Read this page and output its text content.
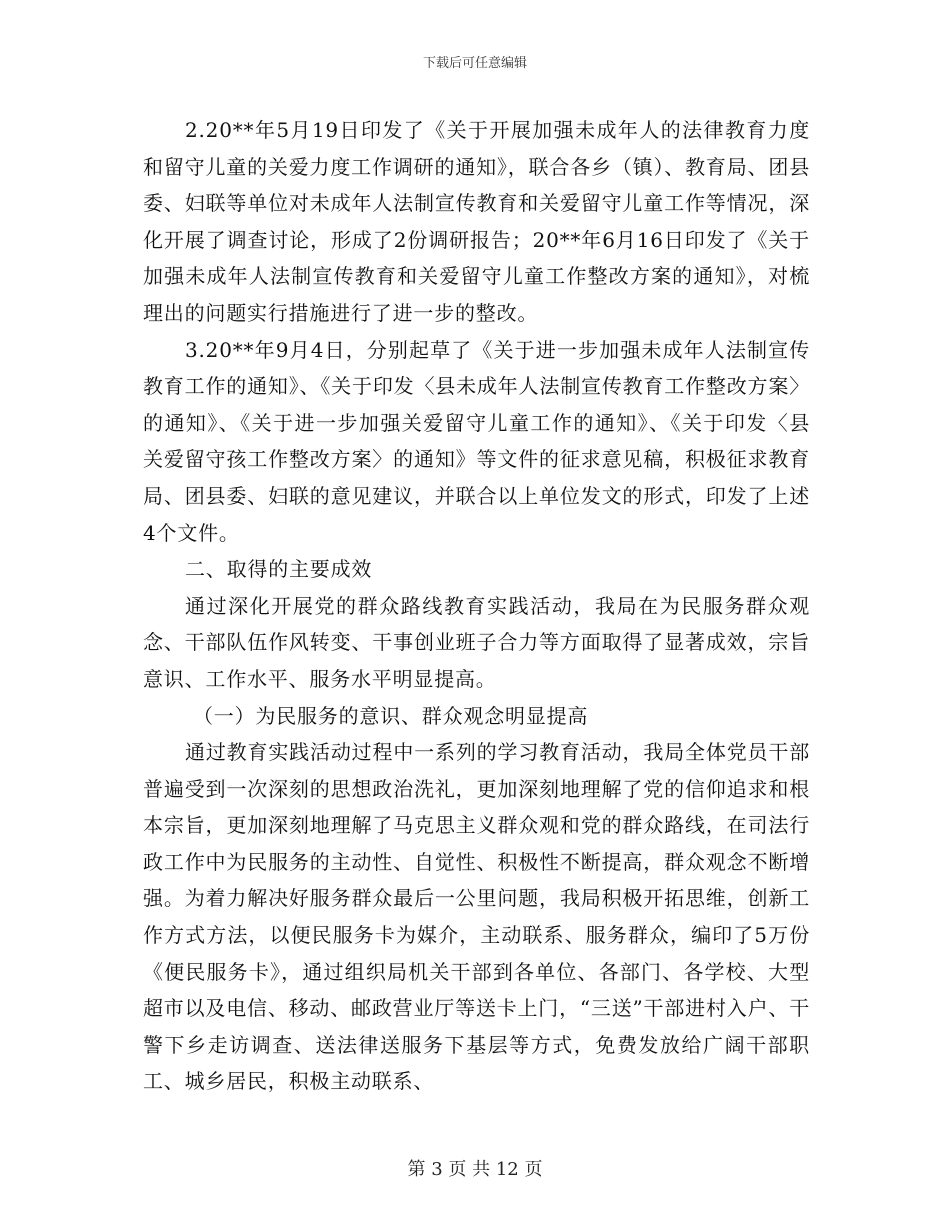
下载后可任意编辑

2.20**年5月19日印发了《关于开展加强未成年人的法律教育力度和留守儿童的关爱力度工作调研的通知》，联合各乡（镇）、教育局、团县委、妇联等单位对未成年人法制宣传教育和关爱留守儿童工作等情况，深化开展了调查讨论，形成了2份调研报告；20**年6月16日印发了《关于加强未成年人法制宣传教育和关爱留守儿童工作整改方案的通知》，对梳理出的问题实行措施进行了进一步的整改。

3.20**年9月4日，分别起草了《关于进一步加强未成年人法制宣传教育工作的通知》、《关于印发〈县未成年人法制宣传教育工作整改方案〉的通知》、《关于进一步加强关爱留守儿童工作的通知》、《关于印发〈县关爱留守孩工作整改方案〉的通知》等文件的征求意见稿，积极征求教育局、团县委、妇联的意见建议，并联合以上单位发文的形式，印发了上述4个文件。

二、取得的主要成效

通过深化开展党的群众路线教育实践活动，我局在为民服务群众观念、干部队伍作风转变、干事创业班子合力等方面取得了显著成效，宗旨意识、工作水平、服务水平明显提高。

（一）为民服务的意识、群众观念明显提高

通过教育实践活动过程中一系列的学习教育活动，我局全体党员干部普遍受到一次深刻的思想政治洗礼，更加深刻地理解了党的信仰追求和根本宗旨，更加深刻地理解了马克思主义群众观和党的群众路线，在司法行政工作中为民服务的主动性、自觉性、积极性不断提高，群众观念不断增强。为着力解决好服务群众最后一公里问题，我局积极开拓思维，创新工作方式方法，以便民服务卡为媒介，主动联系、服务群众，编印了5万份《便民服务卡》，通过组织局机关干部到各单位、各部门、各学校、大型超市以及电信、移动、邮政营业厅等送卡上门，“三送”干部进村入户、干警下乡走访调查、送法律送服务下基层等方式，免费发放给广阔干部职工、城乡居民，积极主动联系、

第 3 页 共 12 页
